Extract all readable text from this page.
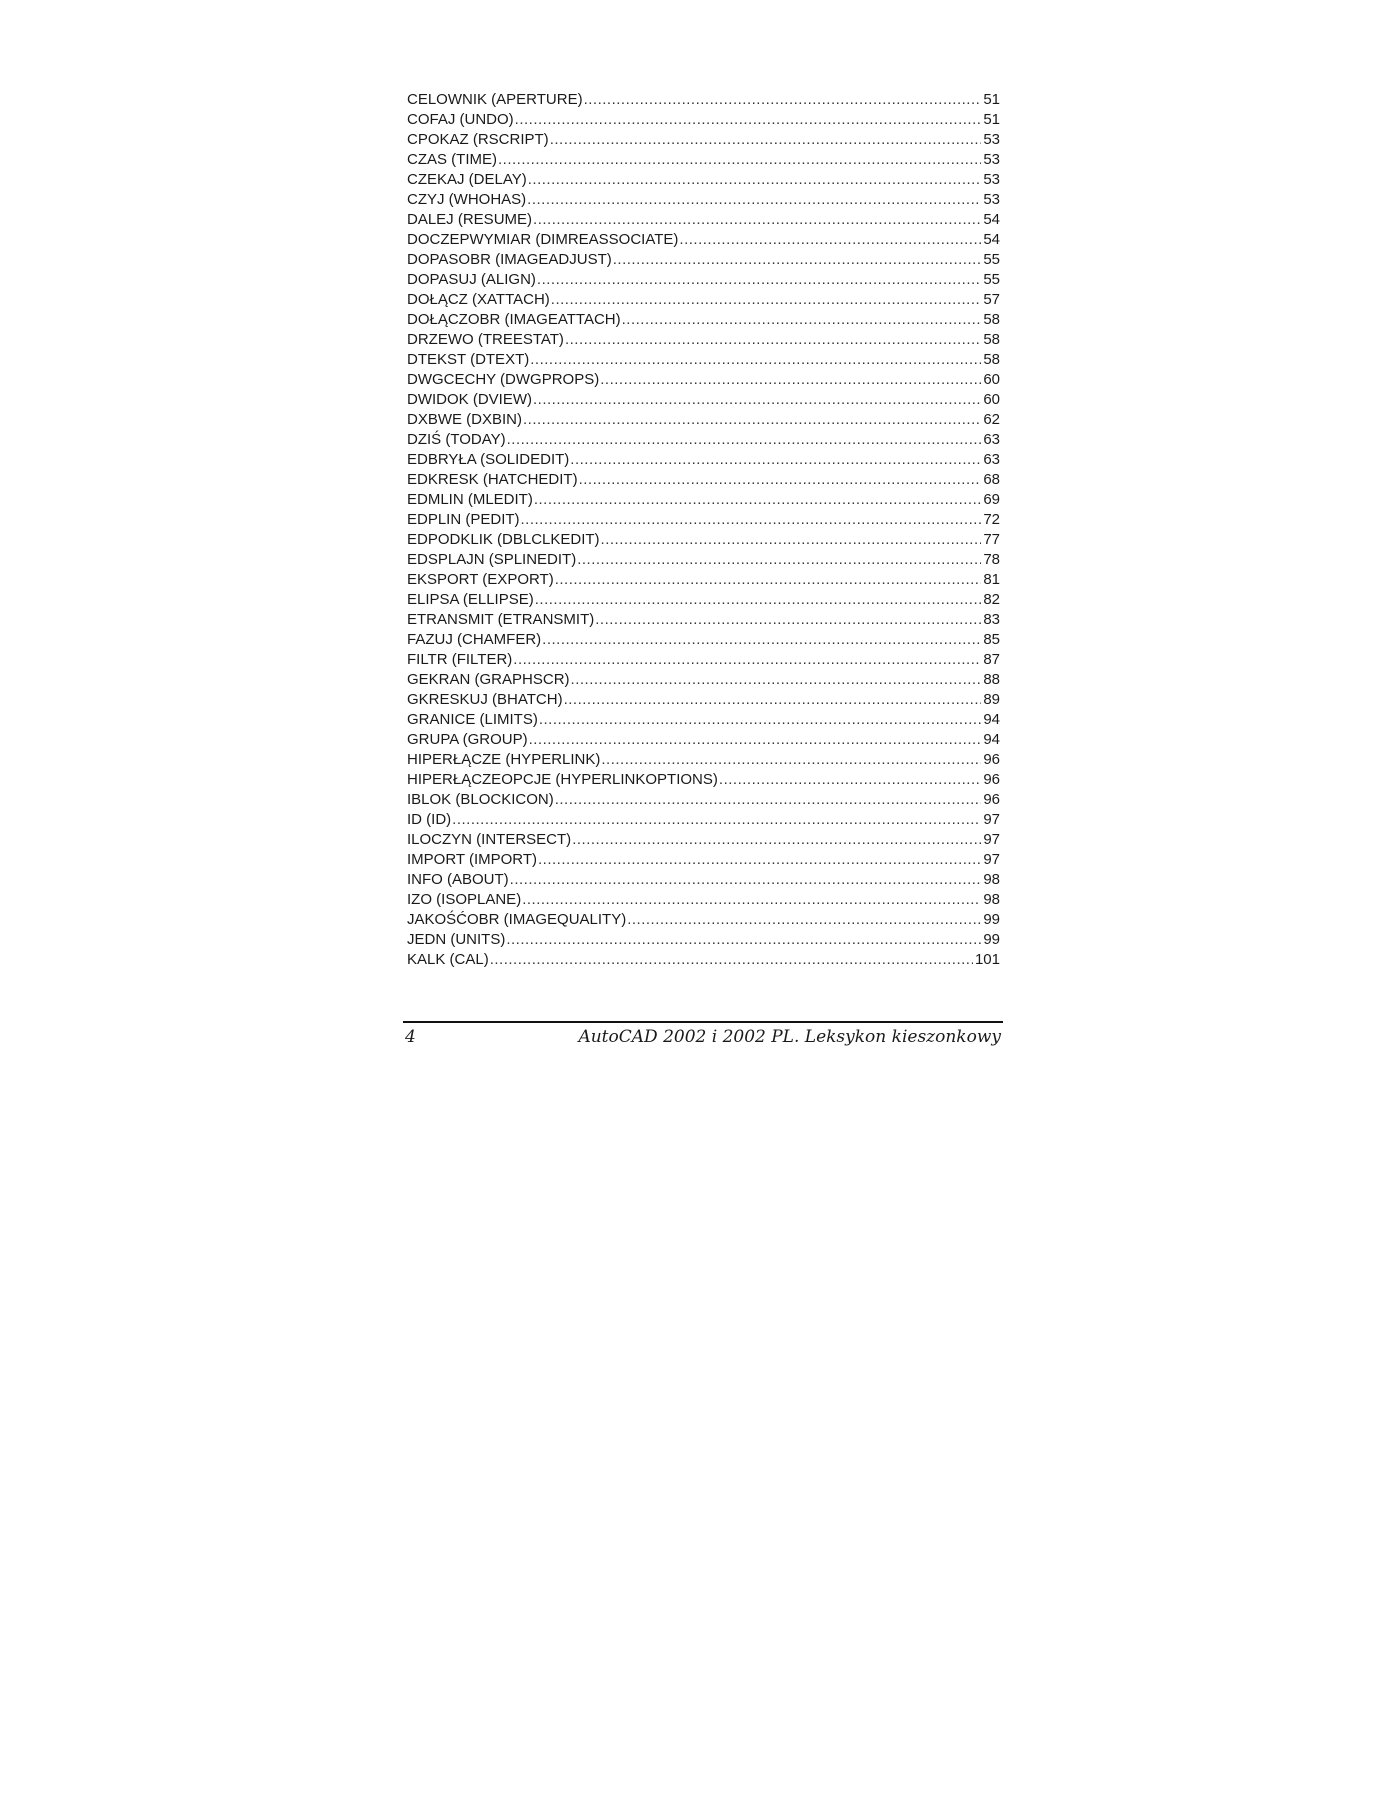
CELOWNIK (APERTURE) .....	51
COFAJ (UNDO) .....	51
CPOKAZ (RSCRIPT) .....	53
CZAS (TIME) .....	53
CZEKAJ (DELAY) .....	53
CZYJ (WHOHAS) .....	53
DALEJ (RESUME) .....	54
DOCZEPWYMIAR (DIMREASSOCIATE) .....	54
DOPASOBR (IMAGEADJUST) .....	55
DOPASUJ (ALIGN) .....	55
DOŁĄCZ (XATTACH) .....	57
DOŁĄCZOBR (IMAGEATTACH) .....	58
DRZEWO (TREESTAT) .....	58
DTEKST (DTEXT) .....	58
DWGCECHY (DWGPROPS) .....	60
DWIDOK (DVIEW) .....	60
DXBWE (DXBIN) .....	62
DZIŚ (TODAY) .....	63
EDBRYŁA (SOLIDEDIT) .....	63
EDKRESK (HATCHEDIT) .....	68
EDMLIN (MLEDIT) .....	69
EDPLIN (PEDIT) .....	72
EDPODKLIK (DBLCLKEDIT) .....	77
EDSPLAJN (SPLINEDIT) .....	78
EKSPORT (EXPORT) .....	81
ELIPSA (ELLIPSE) .....	82
ETRANSMIT (ETRANSMIT) .....	83
FAZUJ (CHAMFER) .....	85
FILTR (FILTER) .....	87
GEKRAN (GRAPHSCR) .....	88
GKRESKUJ (BHATCH) .....	89
GRANICE (LIMITS) .....	94
GRUPA (GROUP) .....	94
HIPERŁĄCZE (HYPERLINK) .....	96
HIPERŁĄCZEOPCJE (HYPERLINKOPTIONS) .....	96
IBLOK (BLOCKICON) .....	96
ID (ID) .....	97
ILOCZYN (INTERSECT) .....	97
IMPORT (IMPORT) .....	97
INFO (ABOUT) .....	98
IZO (ISOPLANE) .....	98
JAKOŚĆOBR (IMAGEQUALITY) .....	99
JEDN (UNITS) .....	99
KALK (CAL) .....	101
4	AutoCAD 2002 i 2002 PL. Leksykon kieszonkowy
